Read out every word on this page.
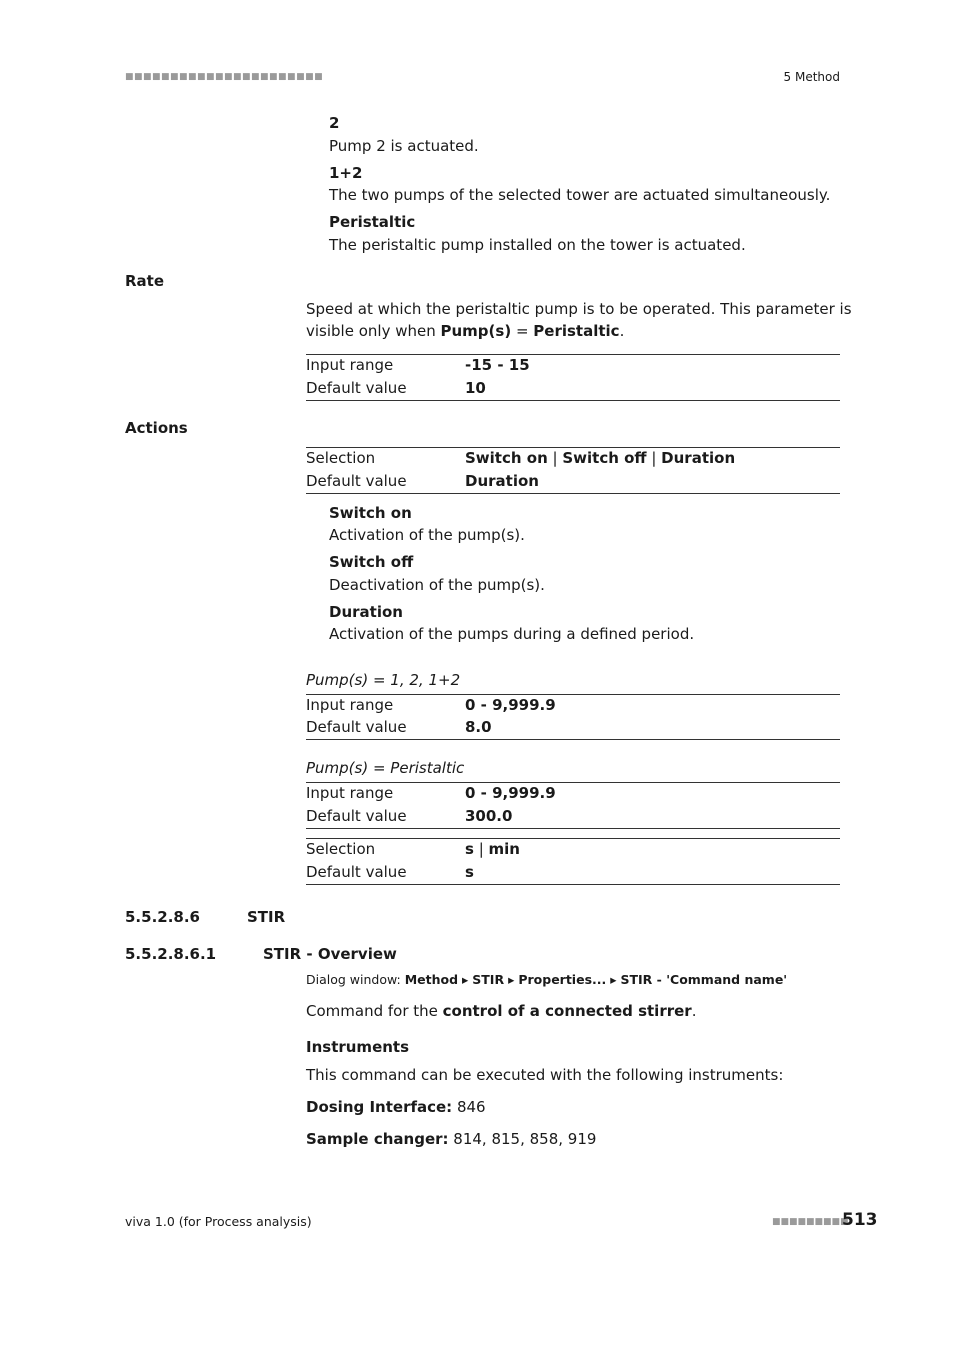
■■■■■■■■■■■■■■■■■■■■■■	5 Method
2
Pump 2 is actuated.
1+2
The two pumps of the selected tower are actuated simultaneously.
Peristaltic
The peristaltic pump installed on the tower is actuated.
Rate
Speed at which the peristaltic pump is to be operated. This parameter is
visible only when Pump(s) = Peristaltic.
Input range	-15 - 15
Default value	10
Actions
Selection	Switch on | Switch off | Duration
Default value	Duration
Switch on
Activation of the pump(s).
Switch off
Deactivation of the pump(s).
Duration
Activation of the pumps during a defined period.
Pump(s) = 1, 2, 1+2
Input range	0 - 9,999.9
Default value	8.0
Pump(s) = Peristaltic
Input range	0 - 9,999.9
Default value	300.0
Selection	s | min
Default value	s
5.5.2.8.6	STIR
5.5.2.8.6.1	STIR - Overview
Dialog window: Method ▸ STIR ▸ Properties... ▸ STIR - 'Command name'
Command for the control of a connected stirrer.
Instruments
This command can be executed with the following instruments:
Dosing Interface: 846
Sample changer: 814, 815, 858, 919
viva 1.0 (for Process analysis)	■■■■■■■■■
513
